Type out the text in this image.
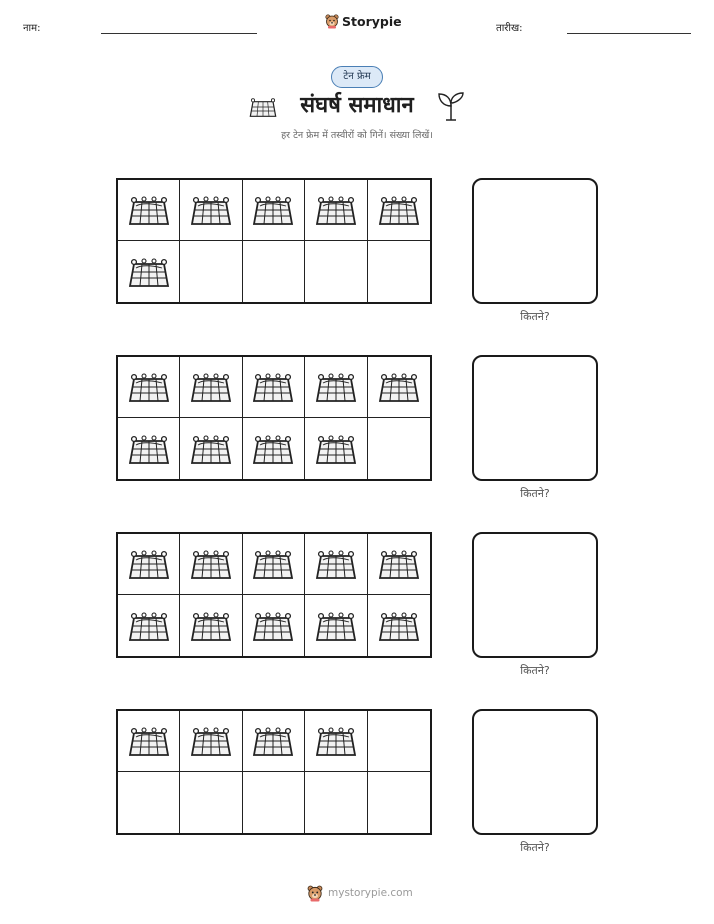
नाम:	Storypie	तारीख:
टेन फ्रेम
संघर्ष समाधान
हर टेन फ्रेम में तस्वीरों को गिनें। संख्या लिखें।
कितने?
कितने?
कितने?
कितने?
mystorypie.com
